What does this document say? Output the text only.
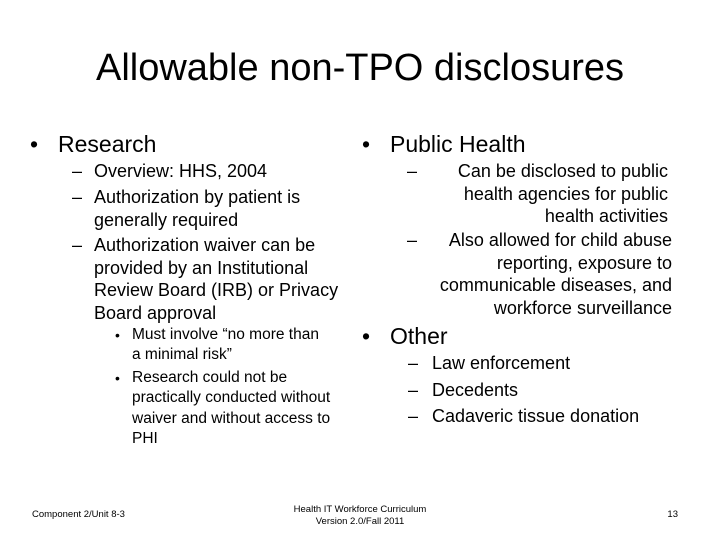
Allowable non-TPO disclosures
• Research
– Overview: HHS, 2004
– Authorization by patient is generally required
– Authorization waiver can be provided by an Institutional Review Board (IRB) or Privacy Board approval
• Must involve “no more than a minimal risk”
• Research could not be practically conducted without waiver and without access to PHI
• Public Health
–	Can be disclosed to public health agencies for public health activities
–	Also allowed for child abuse reporting, exposure to communicable diseases, and workforce surveillance
• Other
– Law enforcement
– Decedents
– Cadaveric tissue donation
Component 2/Unit 8-3	Health IT Workforce Curriculum
Version 2.0/Fall 2011
13
